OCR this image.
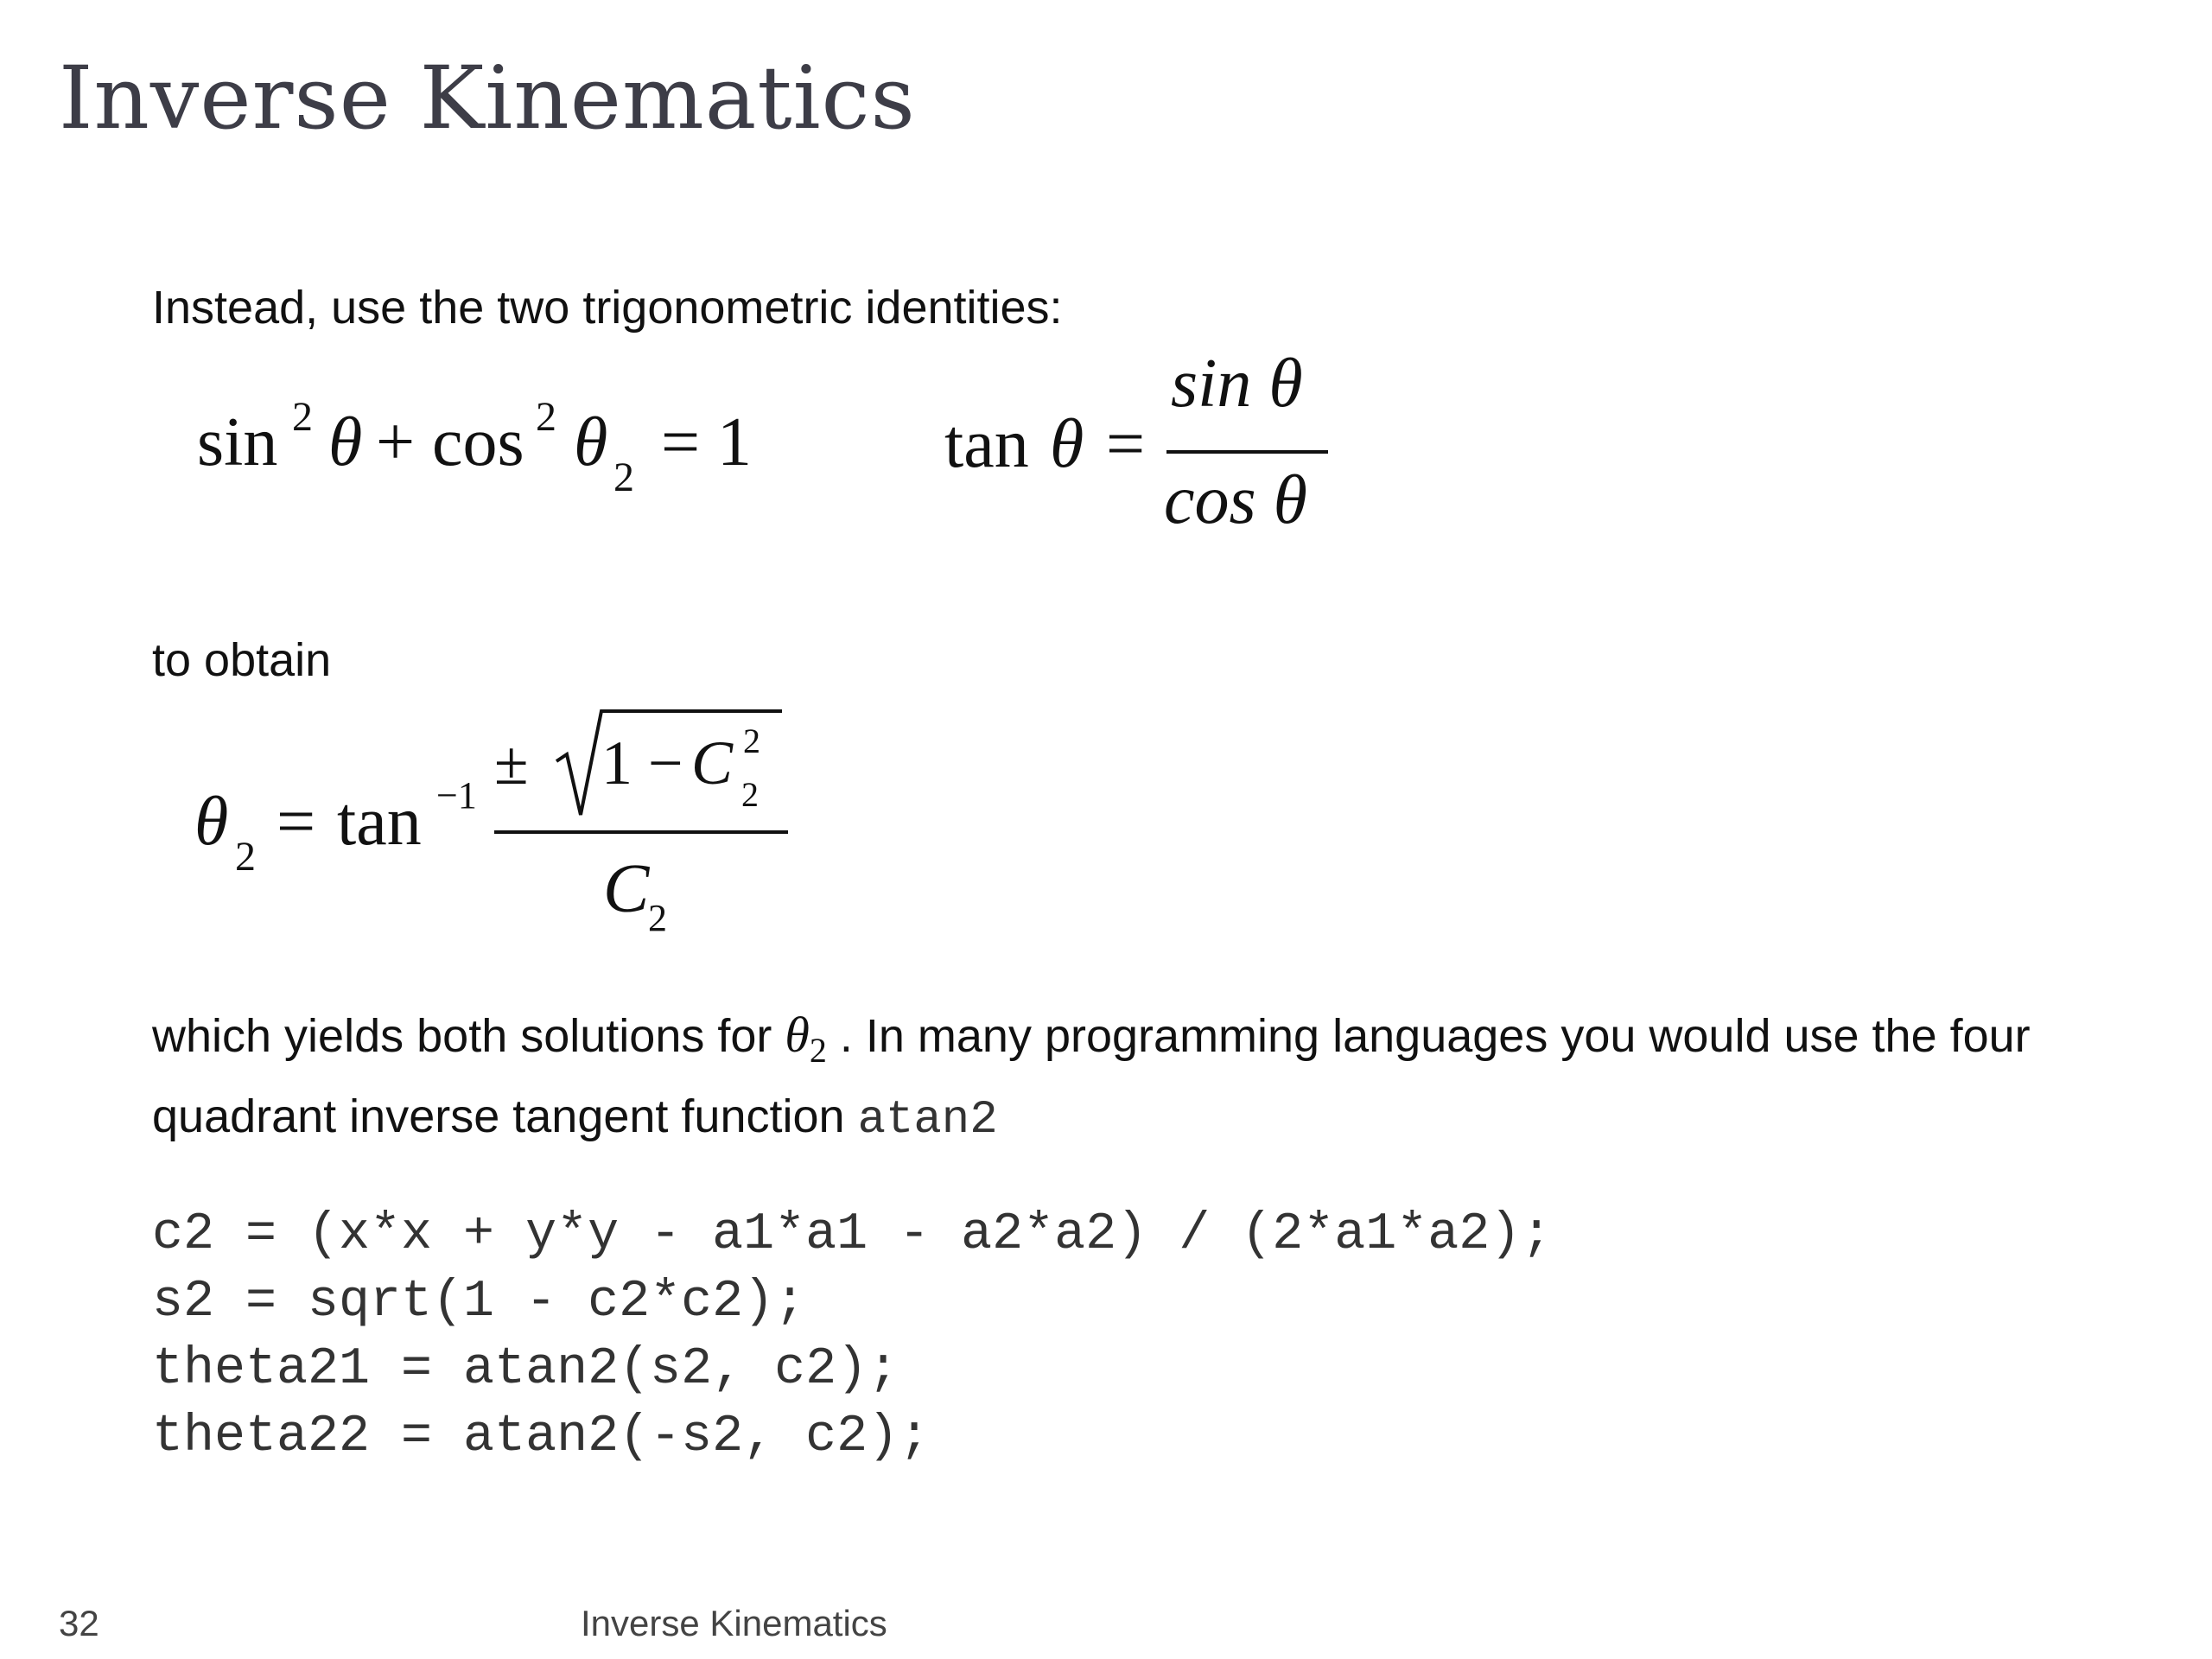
Inverse Kinematics
Instead, use the two trigonometric identities:
sin 2 θ + cos 2 θ 2 = 1	tan θ =
sin θ
cos θ
to obtain
θ 2 = tan −1 ± 1 − C 2
2
C
2
which yields both solutions for $\theta_2$ . In many programming languages you would use the four quadrant inverse tangent function atan2
c2 = (x*x + y*y - a1*a1 - a2*a2) / (2*a1*a2);
s2 = sqrt(1 - c2*c2);
theta21 = atan2(s2, c2);
theta22 = atan2(-s2, c2);
32	Inverse Kinematics
